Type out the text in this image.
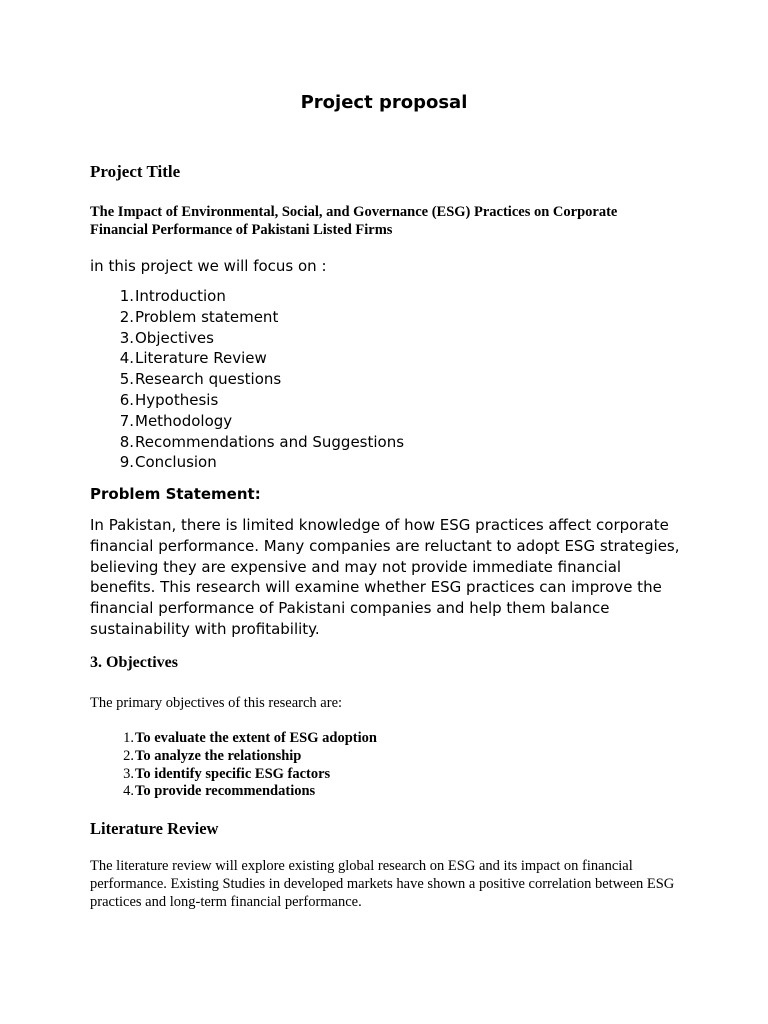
Project proposal
Project Title

The Impact of Environmental, Social, and Governance (ESG) Practices on Corporate Financial Performance of Pakistani Listed Firms

in this project we will focus on :

1. Introduction
2. Problem statement
3. Objectives
4. Literature Review
5. Research questions
6. Hypothesis
7. Methodology
8. Recommendations and Suggestions
9. Conclusion
Problem Statement:

In Pakistan, there is limited knowledge of how ESG practices affect corporate financial performance. Many companies are reluctant to adopt ESG strategies, believing they are expensive and may not provide immediate financial benefits. This research will examine whether ESG practices can improve the financial performance of Pakistani companies and help them balance sustainability with profitability.

3. Objectives

The primary objectives of this research are:

1. To evaluate the extent of ESG adoption
2. To analyze the relationship
3. To identify specific ESG factors
4. To provide recommendations
Literature Review

The literature review will explore existing global research on ESG and its impact on financial performance. Existing Studies in developed markets have shown a positive correlation between ESG practices and long-term financial performance.
